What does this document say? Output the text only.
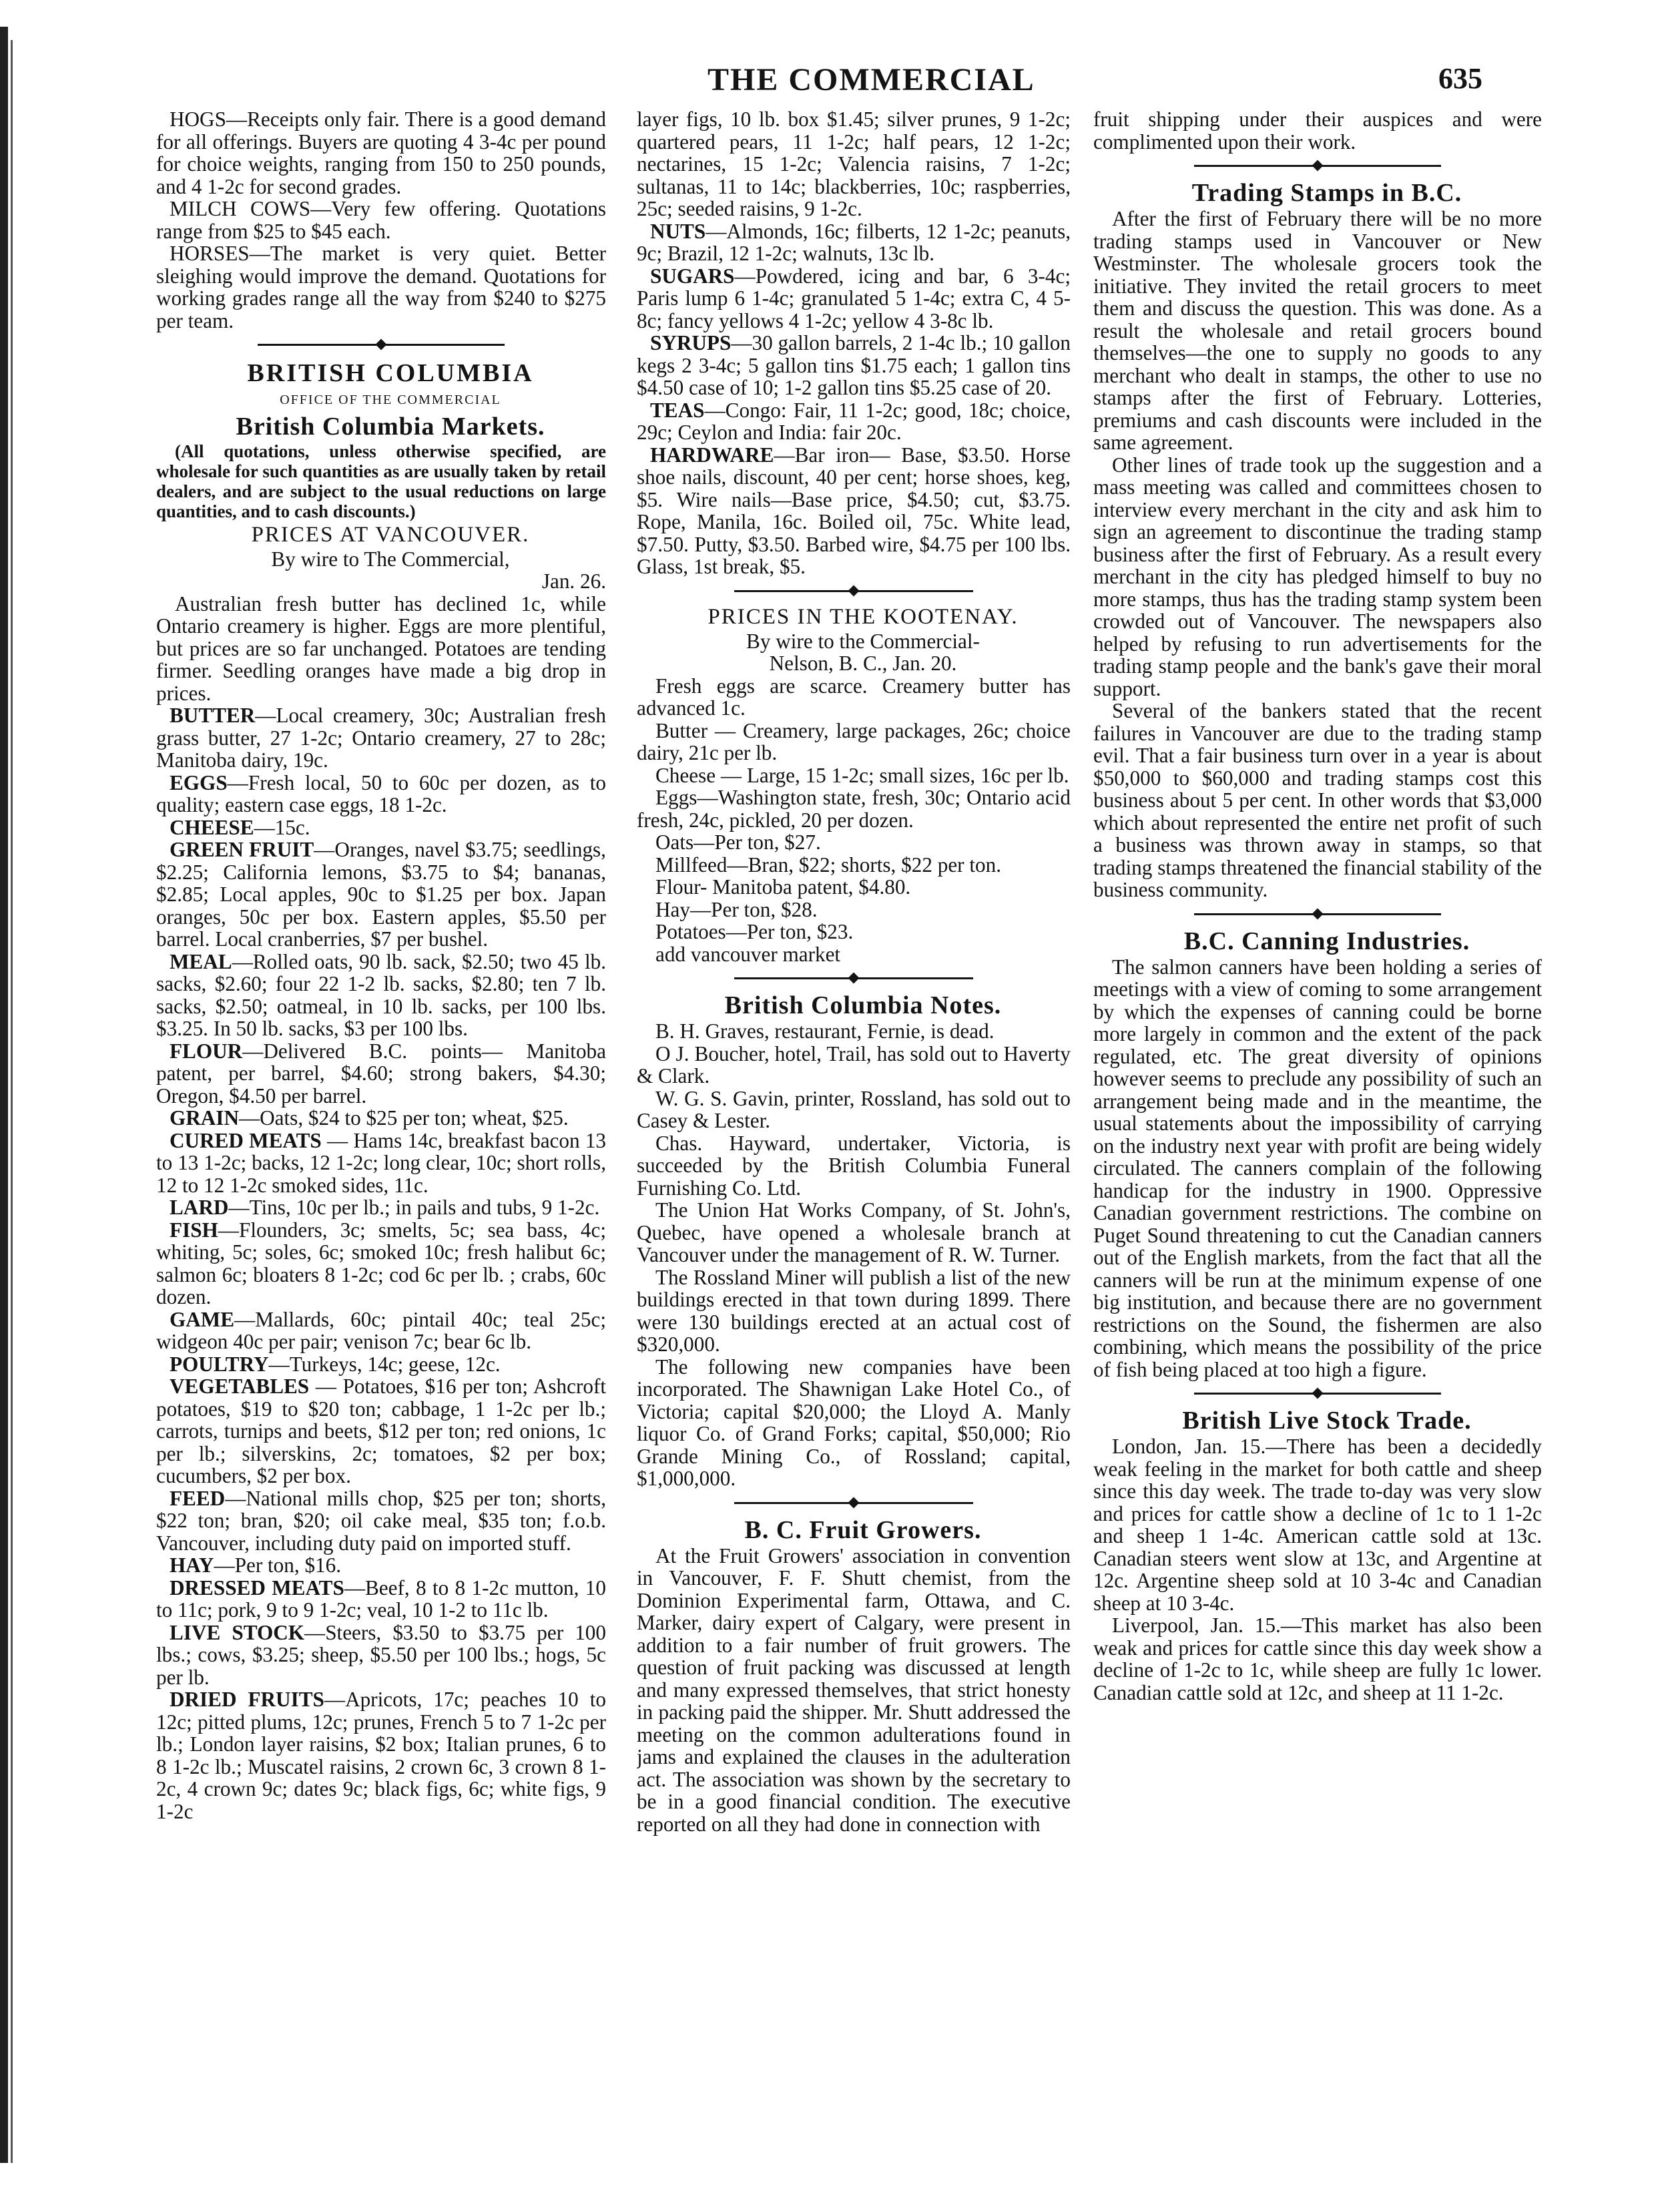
THE COMMERCIAL	635

HOGS—Receipts only fair. There is a good demand for all offerings. Buyers are quoting 4 3-4c per pound for choice weights, ranging from 150 to 250 pounds, and 4 1-2c for second grades.

MILCH COWS—Very few offering. Quotations range from $25 to $45 each.

HORSES—The market is very quiet. Better sleighing would improve the demand. Quotations for working grades range all the way from $240 to $275 per team.

BRITISH COLUMBIA

OFFICE OF THE COMMERCIAL

British Columbia Markets.

(All quotations, unless otherwise specified, are wholesale for such quantities as are usually taken by retail dealers, and are subject to the usual reductions on large quantities, and to cash discounts.)

PRICES AT VANCOUVER.

By wire to The Commercial,

Jan. 26.

Australian fresh butter has declined 1c, while Ontario creamery is higher. Eggs are more plentiful, but prices are so far unchanged. Potatoes are tending firmer. Seedling oranges have made a big drop in prices.

BUTTER—Local creamery, 30c; Australian fresh grass butter, 27 1-2c; Ontario creamery, 27 to 28c; Manitoba dairy, 19c.

EGGS—Fresh local, 50 to 60c per dozen, as to quality; eastern case eggs, 18 1-2c.

CHEESE—15c.

GREEN FRUIT—Oranges, navel $3.75; seedlings, $2.25; California lemons, $3.75 to $4; bananas, $2.85; Local apples, 90c to $1.25 per box. Japan oranges, 50c per box. Eastern apples, $5.50 per barrel. Local cranberries, $7 per bushel.

MEAL—Rolled oats, 90 lb. sack, $2.50; two 45 lb. sacks, $2.60; four 22 1-2 lb. sacks, $2.80; ten 7 lb. sacks, $2.50; oatmeal, in 10 lb. sacks, per 100 lbs. $3.25. In 50 lb. sacks, $3 per 100 lbs.

FLOUR—Delivered B.C. points— Manitoba patent, per barrel, $4.60; strong bakers, $4.30; Oregon, $4.50 per barrel.

GRAIN—Oats, $24 to $25 per ton; wheat, $25.

CURED MEATS — Hams 14c, breakfast bacon 13 to 13 1-2c; backs, 12 1-2c; long clear, 10c; short rolls, 12 to 12 1-2c smoked sides, 11c.

LARD—Tins, 10c per lb.; in pails and tubs, 9 1-2c.

FISH—Flounders, 3c; smelts, 5c; sea bass, 4c; whiting, 5c; soles, 6c; smoked 10c; fresh halibut 6c; salmon 6c; bloaters 8 1-2c; cod 6c per lb. ; crabs, 60c dozen.

GAME—Mallards, 60c; pintail 40c; teal 25c; widgeon 40c per pair; venison 7c; bear 6c lb.

POULTRY—Turkeys, 14c; geese, 12c.

VEGETABLES — Potatoes, $16 per ton; Ashcroft potatoes, $19 to $20 ton; cabbage, 1 1-2c per lb.; carrots, turnips and beets, $12 per ton; red onions, 1c per lb.; silverskins, 2c; tomatoes, $2 per box; cucumbers, $2 per box.

FEED—National mills chop, $25 per ton; shorts, $22 ton; bran, $20; oil cake meal, $35 ton; f.o.b. Vancouver, including duty paid on imported stuff.

HAY—Per ton, $16.

DRESSED MEATS—Beef, 8 to 8 1-2c mutton, 10 to 11c; pork, 9 to 9 1-2c; veal, 10 1-2 to 11c lb.

LIVE STOCK—Steers, $3.50 to $3.75 per 100 lbs.; cows, $3.25; sheep, $5.50 per 100 lbs.; hogs, 5c per lb.

DRIED FRUITS—Apricots, 17c; peaches 10 to 12c; pitted plums, 12c; prunes, French 5 to 7 1-2c per lb.; London layer raisins, $2 box; Italian prunes, 6 to 8 1-2c lb.; Muscatel raisins, 2 crown 6c, 3 crown 8 1-2c, 4 crown 9c; dates 9c; black figs, 6c; white figs, 9 1-2c

layer figs, 10 lb. box $1.45; silver prunes, 9 1-2c; quartered pears, 11 1-2c; half pears, 12 1-2c; nectarines, 15 1-2c; Valencia raisins, 7 1-2c; sultanas, 11 to 14c; blackberries, 10c; raspberries, 25c; seeded raisins, 9 1-2c.

NUTS—Almonds, 16c; filberts, 12 1-2c; peanuts, 9c; Brazil, 12 1-2c; walnuts, 13c lb.

SUGARS—Powdered, icing and bar, 6 3-4c; Paris lump 6 1-4c; granulated 5 1-4c; extra C, 4 5-8c; fancy yellows 4 1-2c; yellow 4 3-8c lb.

SYRUPS—30 gallon barrels, 2 1-4c lb.; 10 gallon kegs 2 3-4c; 5 gallon tins $1.75 each; 1 gallon tins $4.50 case of 10; 1-2 gallon tins $5.25 case of 20.

TEAS—Congo: Fair, 11 1-2c; good, 18c; choice, 29c; Ceylon and India: fair 20c.

HARDWARE—Bar iron— Base, $3.50. Horse shoe nails, discount, 40 per cent; horse shoes, keg, $5. Wire nails—Base price, $4.50; cut, $3.75. Rope, Manila, 16c. Boiled oil, 75c. White lead, $7.50. Putty, $3.50. Barbed wire, $4.75 per 100 lbs. Glass, 1st break, $5.

PRICES IN THE KOOTENAY.

By wire to the Commercial-

Nelson, B. C., Jan. 20.

Fresh eggs are scarce. Creamery butter has advanced 1c.

Butter — Creamery, large packages, 26c; choice dairy, 21c per lb.

Cheese — Large, 15 1-2c; small sizes, 16c per lb.

Eggs—Washington state, fresh, 30c; Ontario acid fresh, 24c, pickled, 20 per dozen.

Oats—Per ton, $27.

Millfeed—Bran, $22; shorts, $22 per ton.

Flour- Manitoba patent, $4.80.

Hay—Per ton, $28.

Potatoes—Per ton, $23.

add vancouver market

British Columbia Notes.

B. H. Graves, restaurant, Fernie, is dead.

O J. Boucher, hotel, Trail, has sold out to Haverty & Clark.

W. G. S. Gavin, printer, Rossland, has sold out to Casey & Lester.

Chas. Hayward, undertaker, Victoria, is succeeded by the British Columbia Funeral Furnishing Co. Ltd.

The Union Hat Works Company, of St. John's, Quebec, have opened a wholesale branch at Vancouver under the management of R. W. Turner.

The Rossland Miner will publish a list of the new buildings erected in that town during 1899. There were 130 buildings erected at an actual cost of $320,000.

The following new companies have been incorporated. The Shawnigan Lake Hotel Co., of Victoria; capital $20,000; the Lloyd A. Manly liquor Co. of Grand Forks; capital, $50,000; Rio Grande Mining Co., of Rossland; capital, $1,000,000.

B. C. Fruit Growers.

At the Fruit Growers' association in convention in Vancouver, F. F. Shutt chemist, from the Dominion Experimental farm, Ottawa, and C. Marker, dairy expert of Calgary, were present in addition to a fair number of fruit growers. The question of fruit packing was discussed at length and many expressed themselves, that strict honesty in packing paid the shipper. Mr. Shutt addressed the meeting on the common adulterations found in jams and explained the clauses in the adulteration act. The association was shown by the secretary to be in a good financial condition. The executive reported on all they had done in connection with

fruit shipping under their auspices and were complimented upon their work.

Trading Stamps in B.C.

After the first of February there will be no more trading stamps used in Vancouver or New Westminster. The wholesale grocers took the initiative. They invited the retail grocers to meet them and discuss the question. This was done. As a result the wholesale and retail grocers bound themselves—the one to supply no goods to any merchant who dealt in stamps, the other to use no stamps after the first of February. Lotteries, premiums and cash discounts were included in the same agreement.

Other lines of trade took up the suggestion and a mass meeting was called and committees chosen to interview every merchant in the city and ask him to sign an agreement to discontinue the trading stamp business after the first of February. As a result every merchant in the city has pledged himself to buy no more stamps, thus has the trading stamp system been crowded out of Vancouver. The newspapers also helped by refusing to run advertisements for the trading stamp people and the bank's gave their moral support.

Several of the bankers stated that the recent failures in Vancouver are due to the trading stamp evil. That a fair business turn over in a year is about $50,000 to $60,000 and trading stamps cost this business about 5 per cent. In other words that $3,000 which about represented the entire net profit of such a business was thrown away in stamps, so that trading stamps threatened the financial stability of the business community.

B.C. Canning Industries.

The salmon canners have been holding a series of meetings with a view of coming to some arrangement by which the expenses of canning could be borne more largely in common and the extent of the pack regulated, etc. The great diversity of opinions however seems to preclude any possibility of such an arrangement being made and in the meantime, the usual statements about the impossibility of carrying on the industry next year with profit are being widely circulated. The canners complain of the following handicap for the industry in 1900. Oppressive Canadian government restrictions. The combine on Puget Sound threatening to cut the Canadian canners out of the English markets, from the fact that all the canners will be run at the minimum expense of one big institution, and because there are no government restrictions on the Sound, the fishermen are also combining, which means the possibility of the price of fish being placed at too high a figure.

British Live Stock Trade.

London, Jan. 15.—There has been a decidedly weak feeling in the market for both cattle and sheep since this day week. The trade to-day was very slow and prices for cattle show a decline of 1c to 1 1-2c and sheep 1 1-4c. American cattle sold at 13c. Canadian steers went slow at 13c, and Argentine at 12c. Argentine sheep sold at 10 3-4c and Canadian sheep at 10 3-4c.

Liverpool, Jan. 15.—This market has also been weak and prices for cattle since this day week show a decline of 1-2c to 1c, while sheep are fully 1c lower. Canadian cattle sold at 12c, and sheep at 11 1-2c.
